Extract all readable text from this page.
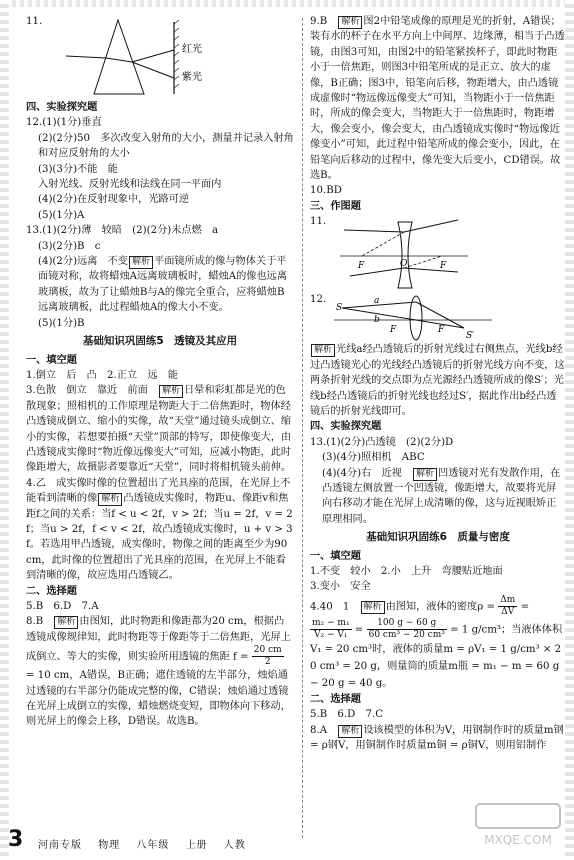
11.
红光
紫光

四、实验探究题

12.(1)(1分)垂直

(2)(2分)50　多次改变入射角的大小，测量并记录入射角和对应反射角的大小

(3)(3分)不能　能

入射光线、反射光线和法线在同一平面内

(4)(2分)在反射现象中，光路可逆

(5)(1分)A

13.(1)(2分)薄　较暗　(2)(2分)未点燃　a

(3)(2分)B　c

(4)(2分)远离　不变 解析 平面镜所成的像与物体关于平面镜对称，故将蜡烛A远离玻璃板时，蜡烛A的像也远离玻璃板，故为了让蜡烛B与A的像完全重合，应将蜡烛B远离玻璃板，此过程蜡烛A的像大小不变。

(5)(1分)B

基础知识巩固练5　透镜及其应用

一、填空题

1.倒立　后　凸　2.正立　远　能

3.色散　倒立　靠近　前面　解析 日晕和彩虹都是光的色散现象；照相机的工作原理是物距大于二倍焦距时，物体经凸透镜成倒立、缩小的实像，故“天堂”通过镜头成倒立、缩小的实像，若想要拍摄“天堂”顶部的特写，即使像变大，由凸透镜成实像时“物近像远像变大”可知，应减小物距，此时像距增大，故摄影者要靠近“天堂”，同时将相机镜头前伸。

4.乙　成实像时像的位置超出了光具座的范围，在光屏上不能看到清晰的像 解析 凸透镜成实像时，物距u、像距v和焦距f之间的关系：当f < u < 2f，v > 2f；当u = 2f，v = 2f；当u > 2f，f < v < 2f，故凸透镜成实像时，u + v > 3f。若选用甲凸透镜，成实像时，物像之间的距离至少为90 cm，此时像的位置超出了光具座的范围，在光屏上不能看到清晰的像，故应选用凸透镜乙。

二、选择题

5.B　6.D　7.A

8.B　解析 由图知，此时物距和像距都为20 cm，根据凸透镜成像规律知，此时物距等于像距等于二倍焦距，光屏上成倒立、等大的实像，则实验所用透镜的焦距 $f = \frac{20 cm}{2}$
= 10 cm，A错误，B正确；遮住透镜的左半部分，烛焰通过透镜的右半部分仍能成完整的像，C错误；烛焰通过透镜在光屏上成倒立的实像，蜡烛燃烧变短，即物体向下移动，则光屏上的像会上移，D错误。故选B。

9.B　解析 图2中铅笔成像的原理是光的折射，A错误；装有水的杯子在水平方向上中间厚、边缘薄，相当于凸透镜，由图3可知，由图2中的铅笔紧挨杯子，即此时物距小于一倍焦距，则图3中铅笔所成的是正立、放大的虚像，B正确；图3中，铅笔向后移，物距增大，由凸透镜成虚像时“物远像远像变大”可知，当物距小于一倍焦距时，所成的像会变大，当物距大于一倍焦距时，物距增大，像会变小，像会变大，由凸透镜成实像时“物远像近像变小”可知，此过程中铅笔所成的像会变小，因此，在铅笔向后移动的过程中，像先变大后变小，CD错误。故选B。

10.BD

三、作图题

11.
F	O	F
12.
S
a
b
F	F
S′

解析 光线a经凸透镜后的折射光线过右侧焦点，光线b经过凸透镜光心的光线经凸透镜后的折射光线方向不变，这两条折射光线的交点即为点光源经凸透镜所成的像S′；光线b经凸透镜后的折射光线也经过S′，据此作出b经凸透镜后的折射光线即可。

四、实验探究题

13.(1)(2分)凸透镜　(2)(2分)D

(3)(4分)照相机　ABC

(4)(4分)右　近视　解析 凹透镜对光有发散作用，在凸透镜左侧放置一个凹透镜，像距增大，故要将光屏向右移动才能在光屏上成清晰的像，这与近视眼矫正原理相同。

基础知识巩固练6　质量与密度

一、填空题

1.不变　较小　2.小　上升　弯腰贴近地面

3.变小　安全

4.40　1　解析 由图知，液体的密度$\rho = \frac{\Delta m}{\Delta V}$ =
$\frac{\text{m₂ − m₁}}{\text{V₂ − V₁}} = \frac{100 g - 60 g}{\text{60 cm³ − 20 cm³}} = 1$ g/cm³；当液体体积V₁ = 20 cm³时，液体的质量m = ρV₁ = 1 g/cm³ × 20 cm³ = 20 g，则量筒的质量m瓶 = m₁ − m = 60 g − 20 g = 40 g。

二、选择题

5.B　6.D　7.C

8.A　解析 设该模型的体积为V，用钢制作时的质量m钢 = ρ钢V，用铜制作时质量m铜 = ρ铜V，则用铝制作

MXQE.COM
3 河南专版 物理 八年级 上册 人教
